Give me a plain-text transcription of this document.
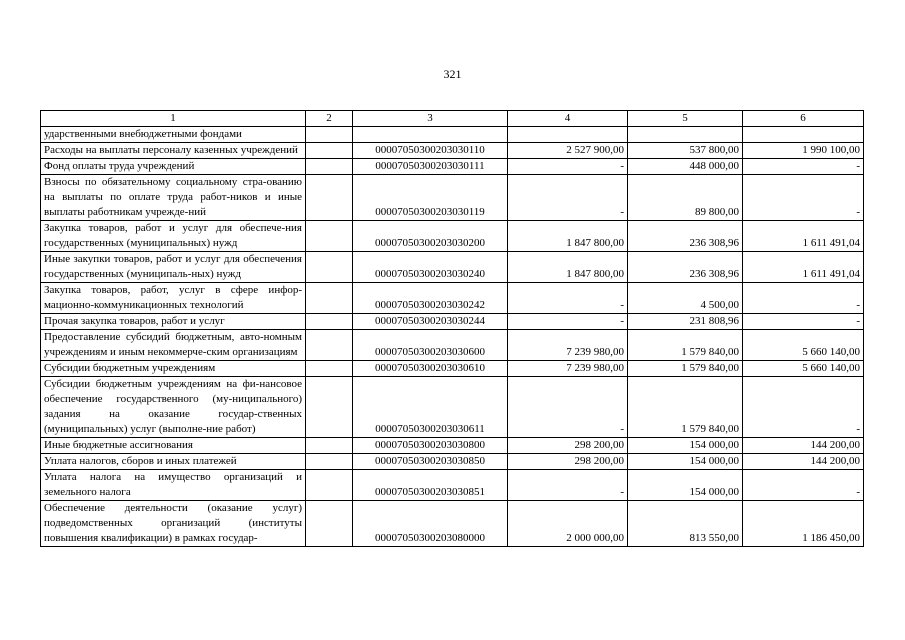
321
1	2	3	4	5	6
ударственными внебюджетными фондами					
Расходы на выплаты персоналу казенных учреждений		00007050300203030110	2 527 900,00	537 800,00	1 990 100,00
Фонд оплаты труда учреждений		00007050300203030111	-	448 000,00	-
Взносы по обязательному социальному стра-ованию на выплаты по оплате труда работ-ников и иные выплаты работникам учрежде-ний		00007050300203030119	-	89 800,00	-
Закупка товаров, работ и услуг для обеспече-ния государственных (муниципальных) нужд		00007050300203030200	1 847 800,00	236 308,96	1 611 491,04
Иные закупки товаров, работ и услуг для обеспечения государственных (муниципаль-ных) нужд		00007050300203030240	1 847 800,00	236 308,96	1 611 491,04
Закупка товаров, работ, услуг в сфере инфор-мационно-коммуникационных технологий		00007050300203030242	-	4 500,00	-
Прочая закупка товаров, работ и услуг		00007050300203030244	-	231 808,96	-
Предоставление субсидий бюджетным, авто-номным учреждениям и иным некоммерче-ским организациям		00007050300203030600	7 239 980,00	1 579 840,00	5 660 140,00
Субсидии бюджетным учреждениям		00007050300203030610	7 239 980,00	1 579 840,00	5 660 140,00
Субсидии бюджетным учреждениям на фи-нансовое обеспечение государственного (му-ниципального) задания на оказание государ-ственных (муниципальных) услуг (выполне-ние работ)		00007050300203030611	-	1 579 840,00	-
Иные бюджетные ассигнования		00007050300203030800	298 200,00	154 000,00	144 200,00
Уплата налогов, сборов и иных платежей		00007050300203030850	298 200,00	154 000,00	144 200,00
Уплата налога на имущество организаций и земельного налога		00007050300203030851	-	154 000,00	-
Обеспечение деятельности (оказание услуг) подведомственных организаций (институты повышения квалификации) в рамках государ-		00007050300203080000	2 000 000,00	813 550,00	1 186 450,00
